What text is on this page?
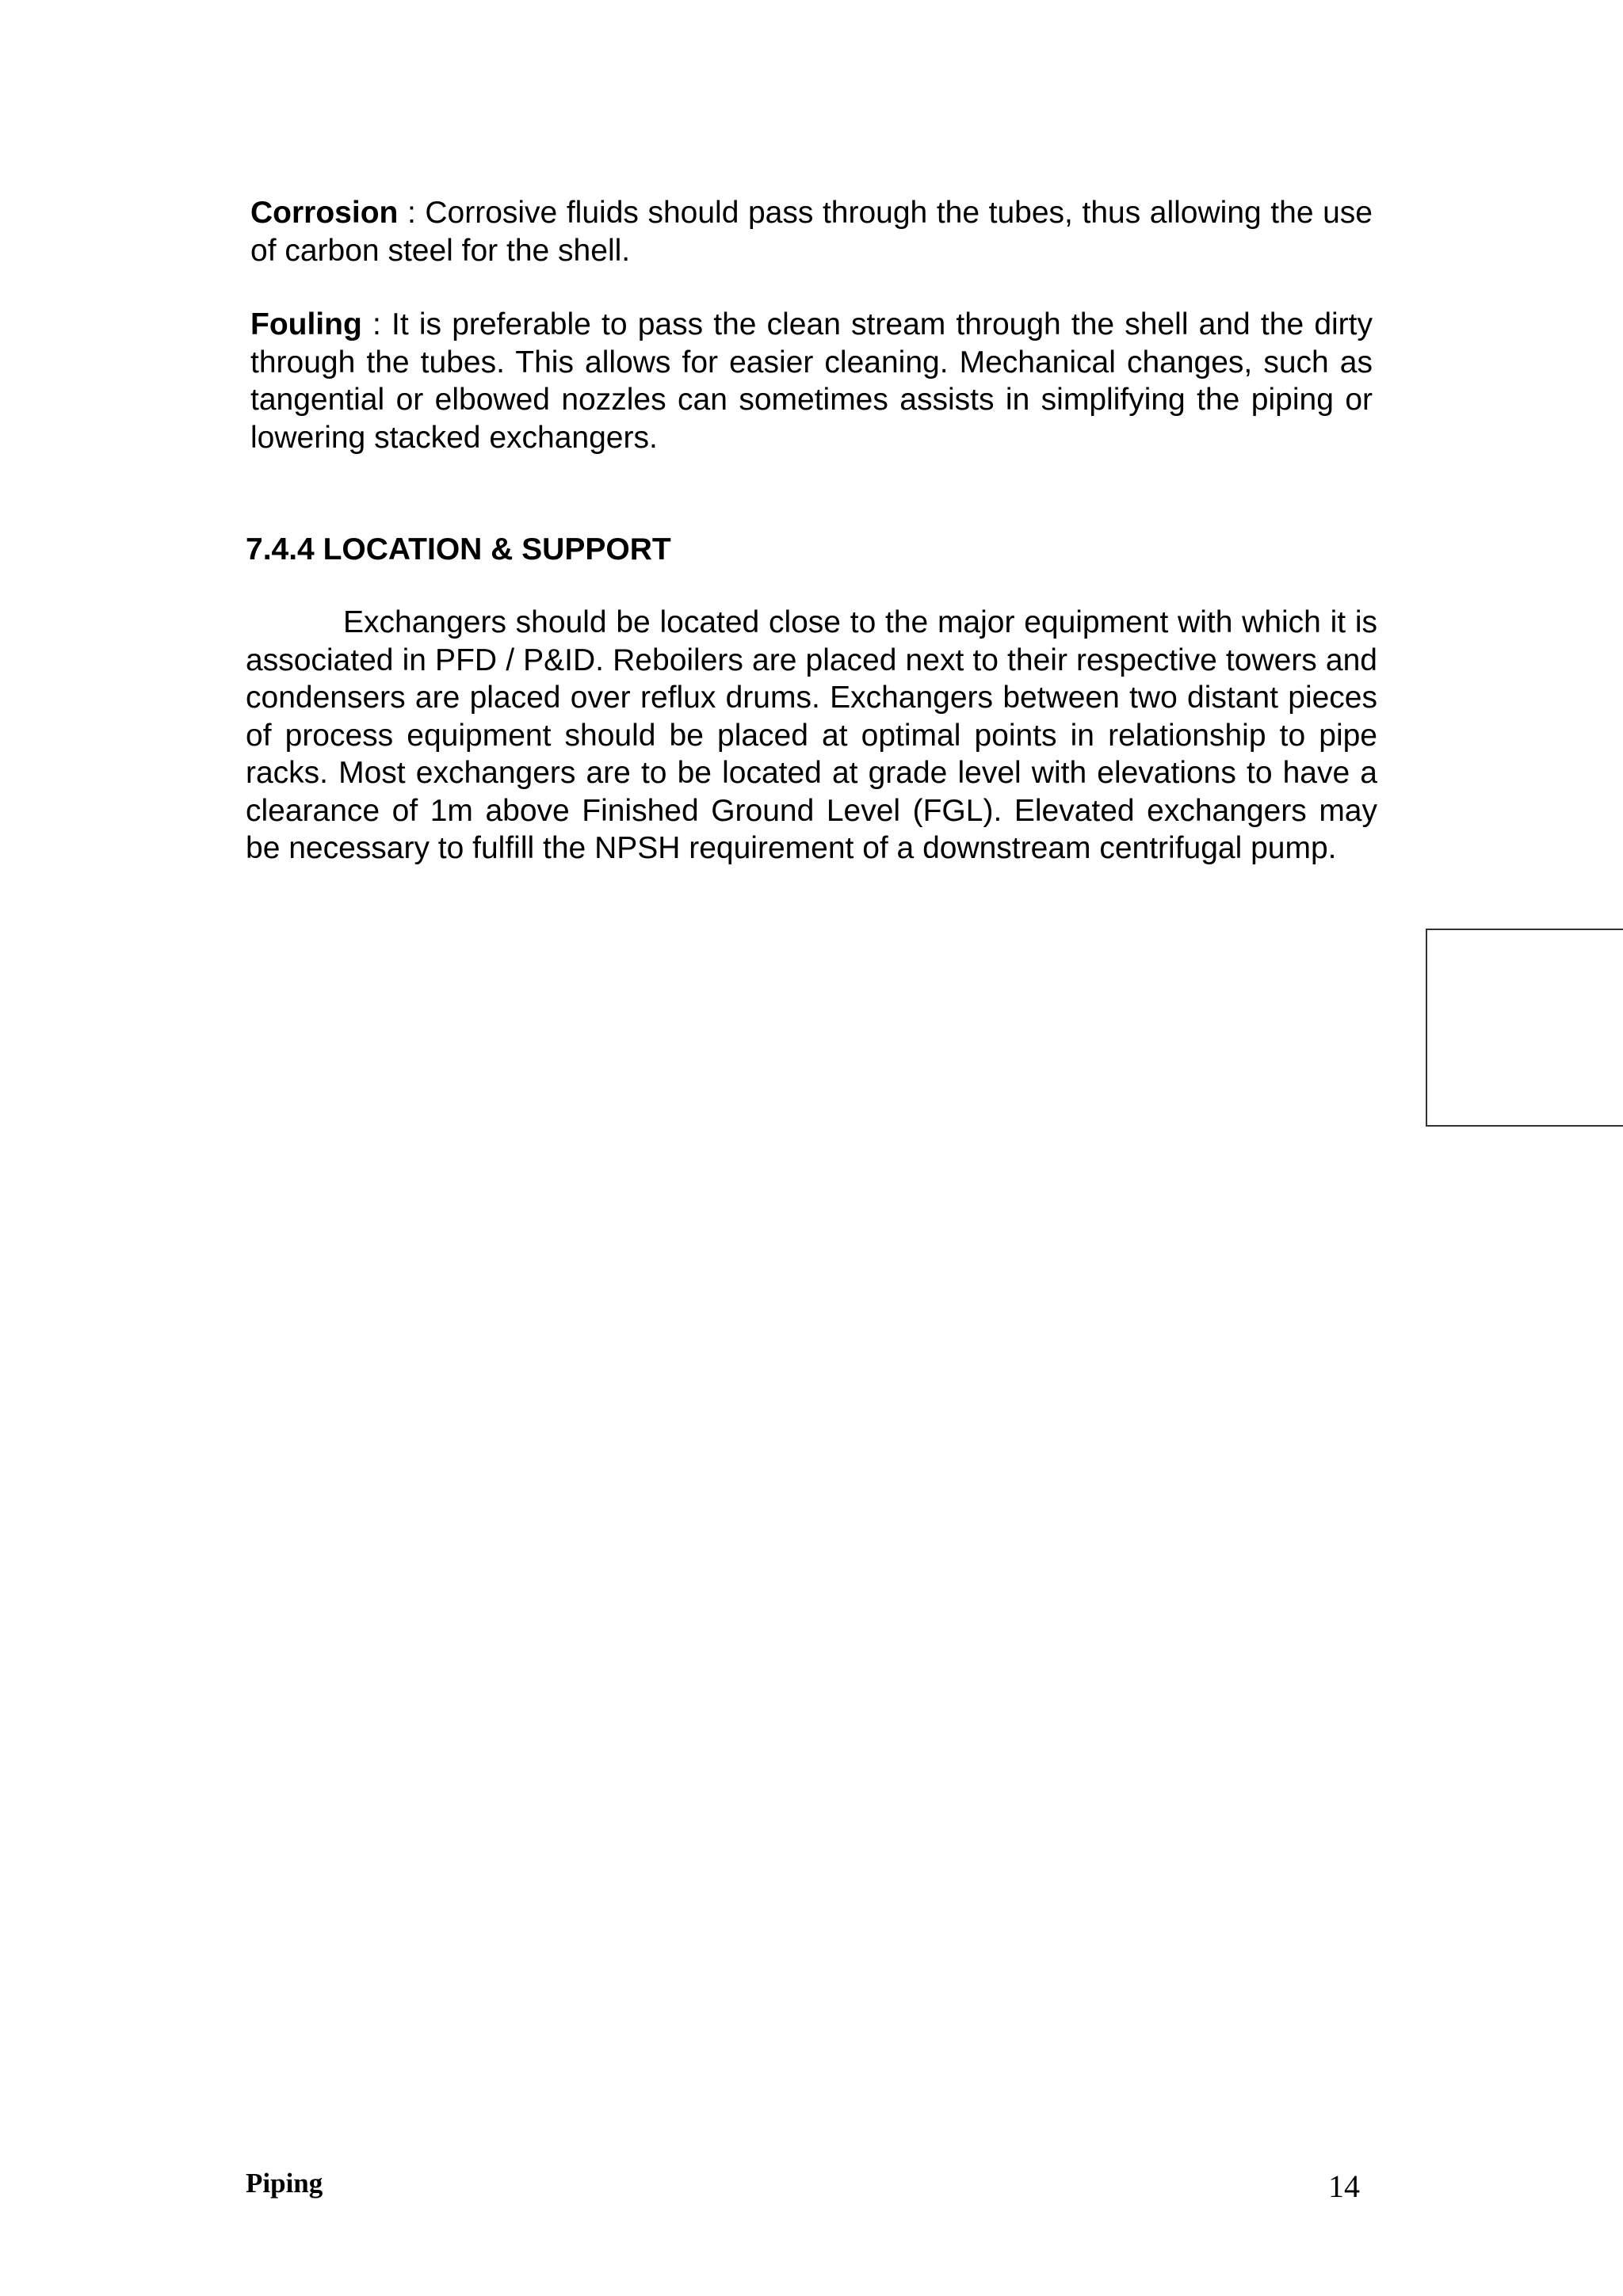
Corrosion : Corrosive fluids should pass through the tubes, thus allowing the use of carbon steel for the shell.

Fouling : It is preferable to pass the clean stream through the shell and the dirty through the tubes. This allows for easier cleaning. Mechanical changes, such as tangential or elbowed nozzles can sometimes assists in simplifying the piping or lowering stacked exchangers.

7.4.4 LOCATION & SUPPORT

Exchangers should be located close to the major equipment with which it is associated in PFD / P&ID. Reboilers are placed next to their respective towers and condensers are placed over reflux drums. Exchangers between two distant pieces of process equipment should be placed at optimal points in relationship to pipe racks. Most exchangers are to be located at grade level with elevations to have a clearance of 1m above Finished Ground Level (FGL). Elevated exchangers may be necessary to fulfill the NPSH requirement of a downstream centrifugal pump.

Piping	14
